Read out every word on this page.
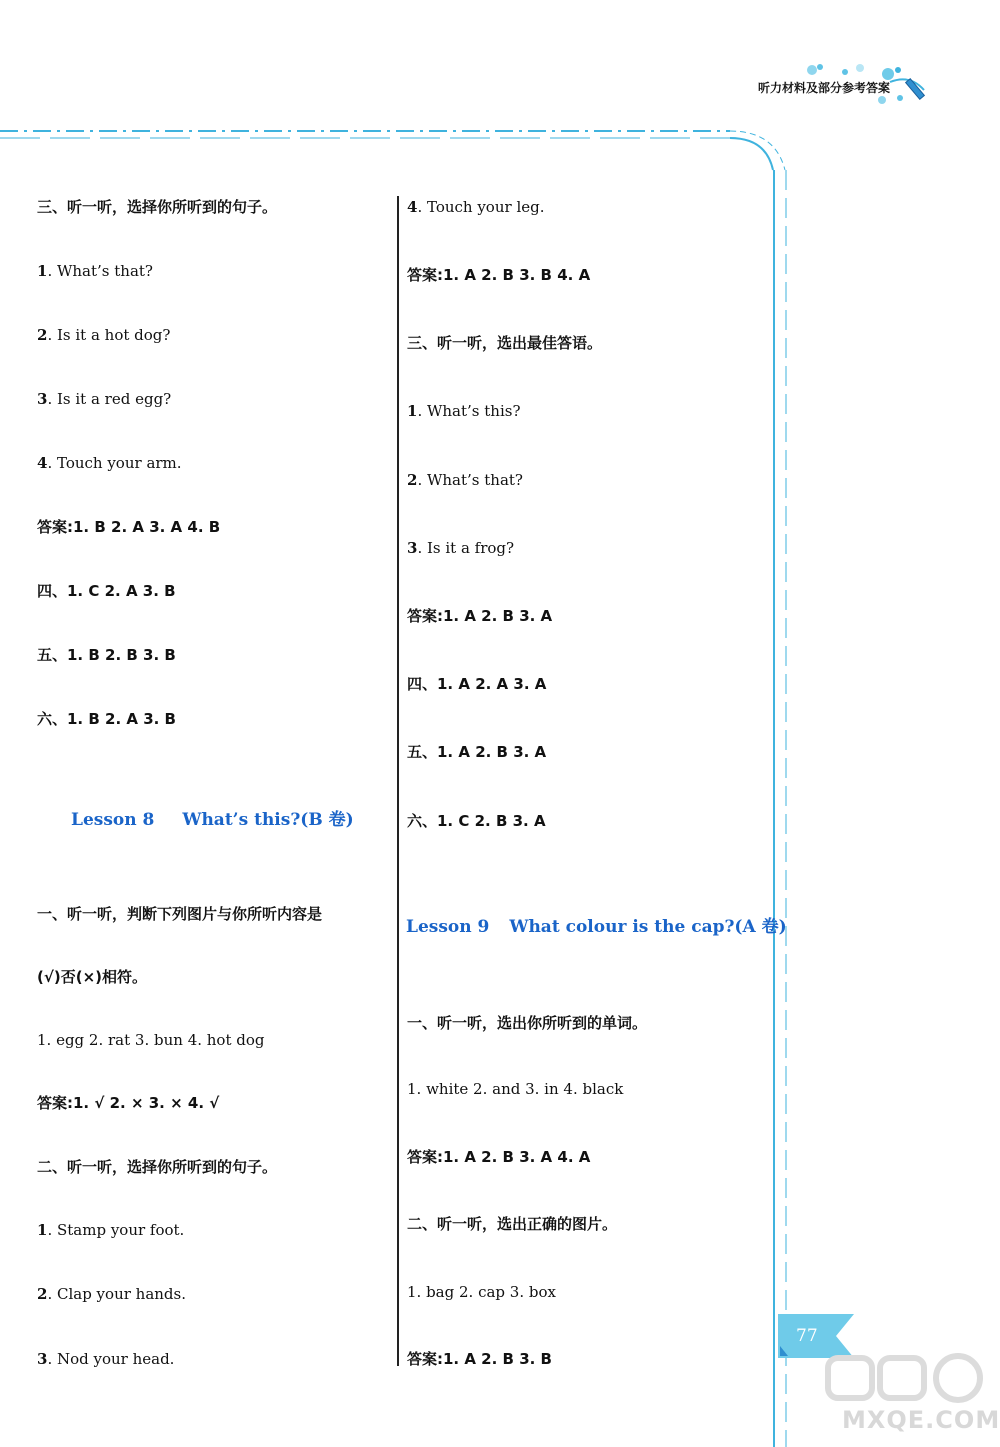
听力材料及部分参考答案
三、听一听，选择你所听到的句子。
1. What’s that?
2. Is it a hot dog?
3. Is it a red egg?
4. Touch your arm.
答案:1. B 2. A 3. A 4. B
四、1. C 2. A 3. B
五、1. B 2. B 3. B
六、1. B 2. A 3. B
Lesson 8 What’s this?(B 卷)
一、听一听，判断下列图片与你所听内容是
(√)否(×)相符。
1. egg 2. rat 3. bun 4. hot dog
答案:1. √ 2. × 3. × 4. √
二、听一听，选择你所听到的句子。
1. Stamp your foot.
2. Clap your hands.
3. Nod your head.
4. Touch your leg.
答案:1. A 2. B 3. B 4. A
三、听一听，选出最佳答语。
1. What’s this?
2. What’s that?
3. Is it a frog?
答案:1. A 2. B 3. A
四、1. A 2. A 3. A
五、1. A 2. B 3. A
六、1. C 2. B 3. A
Lesson 9 What colour is the cap?(A 卷)
一、听一听，选出你所听到的单词。
1. white 2. and 3. in 4. black
答案:1. A 2. B 3. A 4. A
二、听一听，选出正确的图片。
1. bag 2. cap 3. box
答案:1. A 2. B 3. B
77
MXQE.COM
